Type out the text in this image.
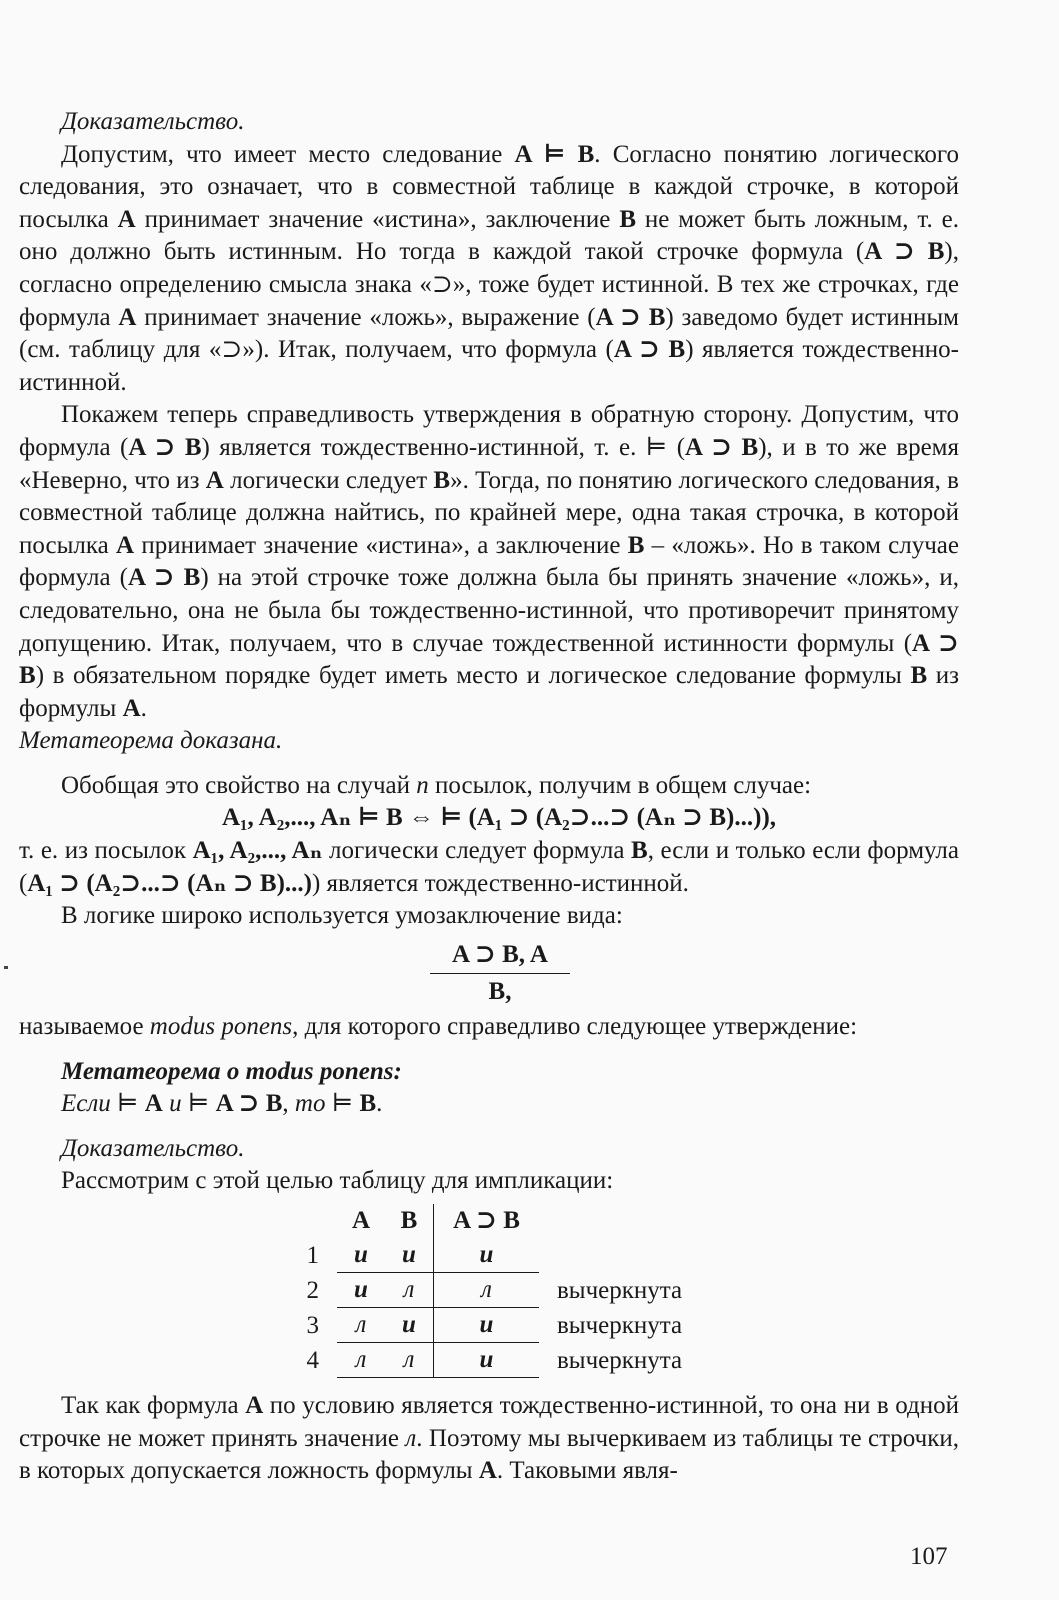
Доказательство.

Допустим, что имеет место следование A ⊨ B. Согласно понятию логического следования, это означает, что в совместной таблице в каждой строчке, в которой посылка A принимает значение «истина», заключение B не может быть ложным, т. е. оно должно быть истинным. Но тогда в каждой такой строчке формула (A ⊃ B), согласно определению смысла знака «⊃», тоже будет истинной. В тех же строчках, где формула A принимает значение «ложь», выражение (A ⊃ B) заведомо будет истинным (см. таблицу для «⊃»). Итак, получаем, что формула (A ⊃ B) является тождественно-истинной.

Покажем теперь справедливость утверждения в обратную сторону. Допустим, что формула (A ⊃ B) является тождественно-истинной, т. е. ⊨ (A ⊃ B), и в то же время «Неверно, что из A логически следует B». Тогда, по понятию логического следования, в совместной таблице должна найтись, по крайней мере, одна такая строчка, в которой посылка A принимает значение «истина», а заключение B – «ложь». Но в таком случае формула (A ⊃ B) на этой строчке тоже должна была бы принять значение «ложь», и, следовательно, она не была бы тождественно-истинной, что противоречит принятому допущению. Итак, получаем, что в случае тождественной истинности формулы (A ⊃ B) в обязательном порядке будет иметь место и логическое следование формулы B из формулы A.

Метатеорема доказана.

Обобщая это свойство на случай n посылок, получим в общем случае:

A₁, A₂,..., Aₙ ⊨ B ⇔ ⊨ (A₁ ⊃ (A₂⊃...⊃ (Aₙ ⊃ B)...)),

т. е. из посылок A₁, A₂,..., Aₙ логически следует формула B, если и только если формула (A₁ ⊃ (A₂⊃...⊃ (Aₙ ⊃ B)...)) является тождественно-истинной.

В логике широко используется умозаключение вида:

A ⊃ B, A
B,

называемое modus ponens, для которого справедливо следующее утверждение:

Метатеорема о modus ponens:

Если ⊨ A и ⊨ A ⊃ B, то ⊨ B.

Доказательство.

Рассмотрим с этой целью таблицу для импликации:

	A	B	A ⊃ B	
1	и	и	и	
2	и	л	л	вычеркнута
3	л	и	и	вычеркнута
4	л	л	и	вычеркнута

Так как формула A по условию является тождественно-истинной, то она ни в одной строчке не может принять значение л. Поэтому мы вычеркиваем из таблицы те строчки, в которых допускается ложность формулы A. Таковыми явля-

107
